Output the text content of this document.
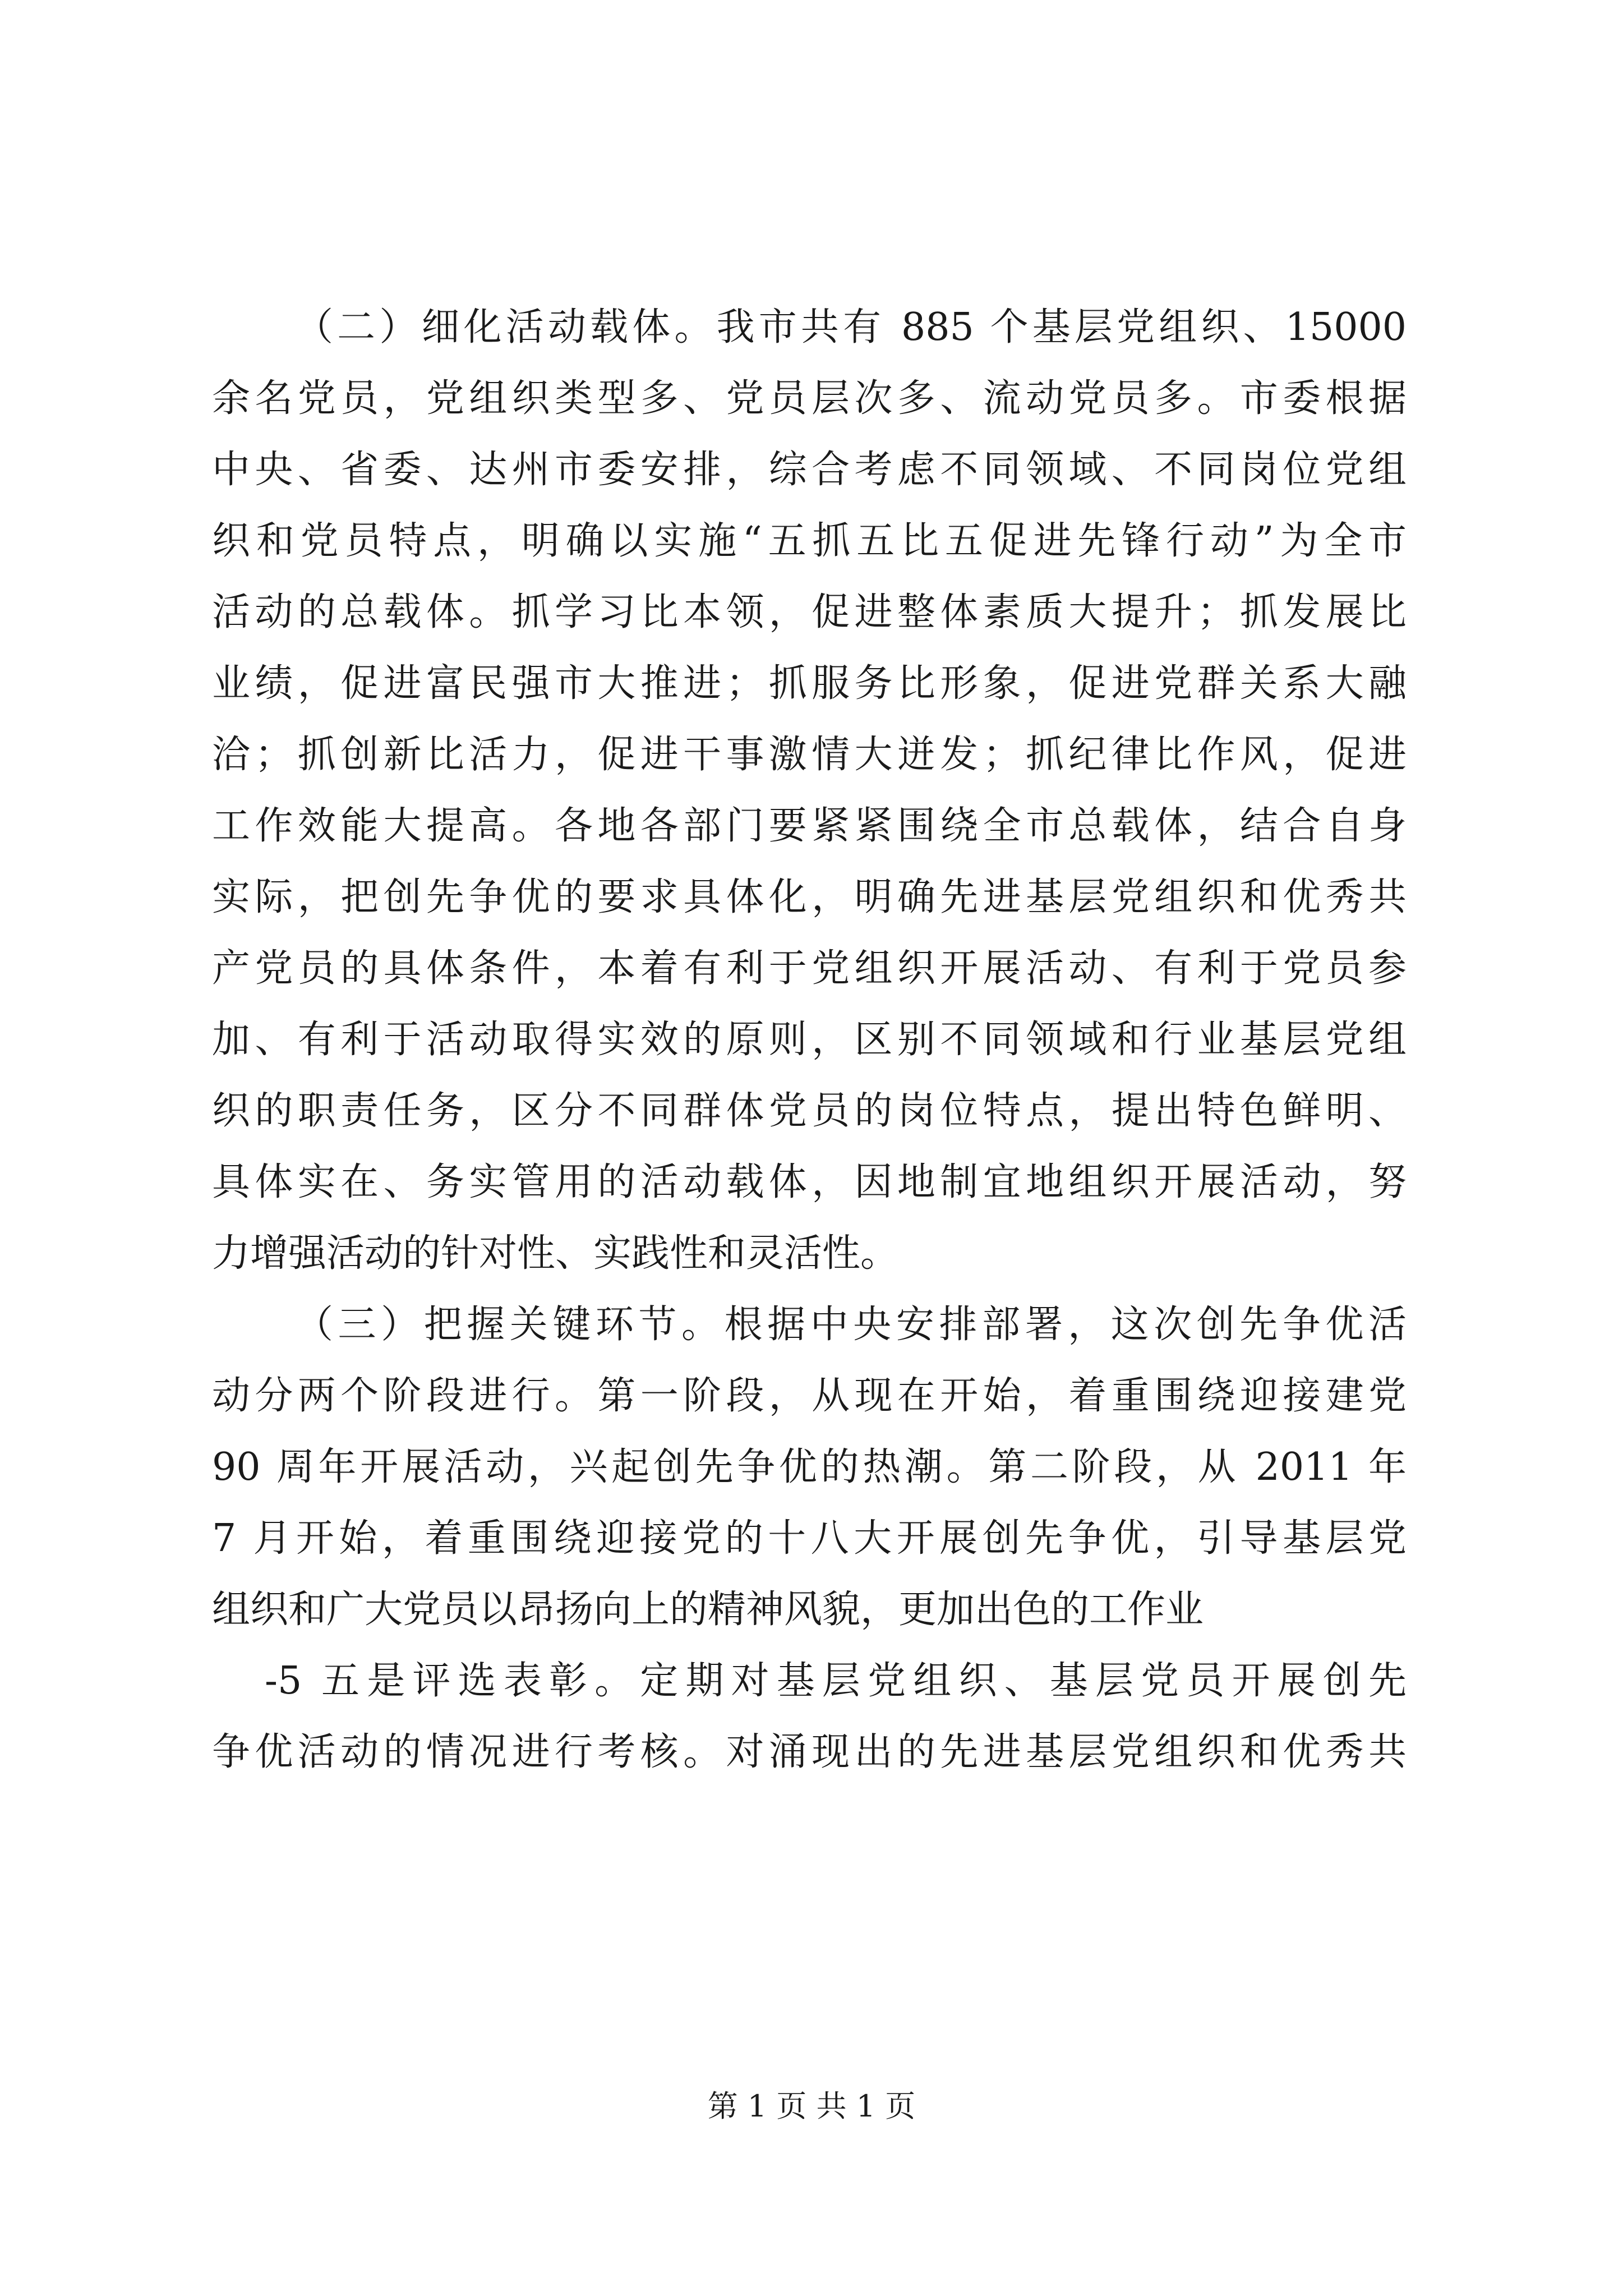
（二）细化活动载体。我市共有 885 个基层党组织、15000
余名党员，党组织类型多、党员层次多、流动党员多。市委根据
中央、省委、达州市委安排，综合考虑不同领域、不同岗位党组
织和党员特点，明确以实施“五抓五比五促进先锋行动”为全市
活动的总载体。抓学习比本领，促进整体素质大提升；抓发展比
业绩，促进富民强市大推进；抓服务比形象，促进党群关系大融
洽；抓创新比活力，促进干事激情大迸发；抓纪律比作风，促进
工作效能大提高。各地各部门要紧紧围绕全市总载体，结合自身
实际，把创先争优的要求具体化，明确先进基层党组织和优秀共
产党员的具体条件，本着有利于党组织开展活动、有利于党员参
加、有利于活动取得实效的原则，区别不同领域和行业基层党组
织的职责任务，区分不同群体党员的岗位特点，提出特色鲜明、
具体实在、务实管用的活动载体，因地制宜地组织开展活动，努
力增强活动的针对性、实践性和灵活性。
（三）把握关键环节。根据中央安排部署，这次创先争优活
动分两个阶段进行。第一阶段，从现在开始，着重围绕迎接建党
90 周年开展活动，兴起创先争优的热潮。第二阶段，从 2011 年
7 月开始，着重围绕迎接党的十八大开展创先争优，引导基层党
组织和广大党员以昂扬向上的精神风貌，更加出色的工作业
-5 五是评选表彰。定期对基层党组织、基层党员开展创先
争优活动的情况进行考核。对涌现出的先进基层党组织和优秀共
第 1 页 共 1 页
